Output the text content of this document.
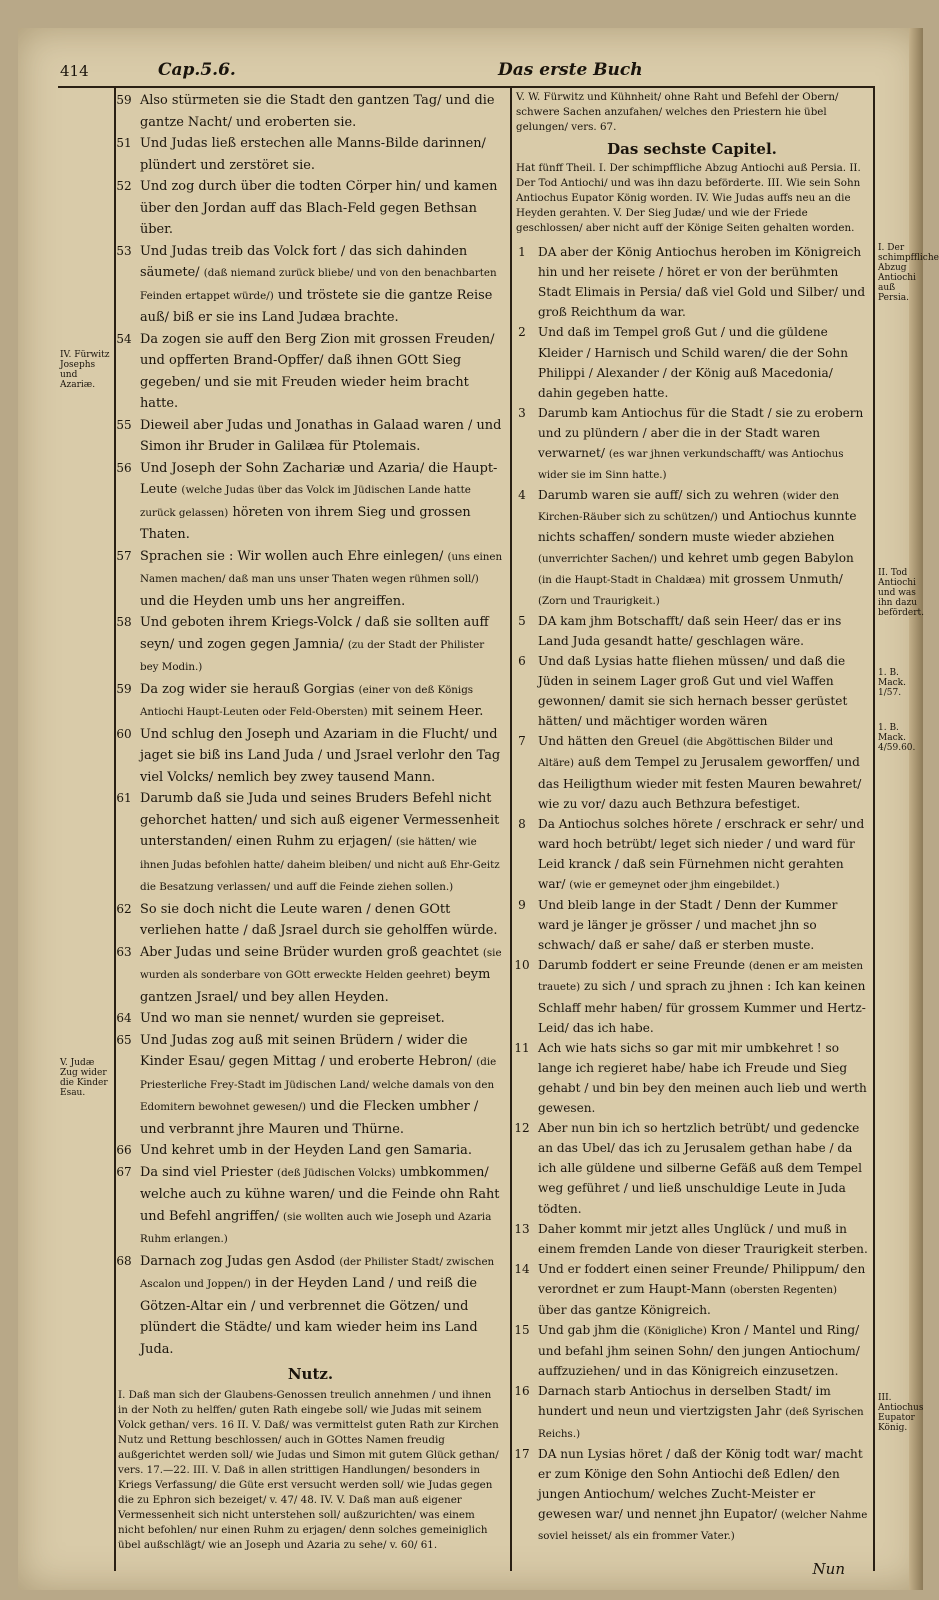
414	Cap.5.6.	Das erste Buch
IV. Fürwitz Josephs und Azariæ.
V. Judæ Zug wider die Kinder Esau.

59 Also stürmeten sie die Stadt den gantzen Tag/ und die gantze Nacht/ und eroberten sie.

51 Und Judas ließ erstechen alle Manns-Bilde darinnen/ plündert und zerstöret sie.

52 Und zog durch über die todten Cörper hin/ und kamen über den Jordan auff das Blach-Feld gegen Bethsan über.

53 Und Judas treib das Volck fort / das sich dahinden säumete/ (daß niemand zurück bliebe/ und von den benachbarten Feinden ertappet würde/) und tröstete sie die gantze Reise auß/ biß er sie ins Land Judæa brachte.

54 Da zogen sie auff den Berg Zion mit grossen Freuden/ und opfferten Brand-Opffer/ daß ihnen GOtt Sieg gegeben/ und sie mit Freuden wieder heim bracht hatte.

55 Dieweil aber Judas und Jonathas in Galaad waren / und Simon ihr Bruder in Galilæa für Ptolemais.

56 Und Joseph der Sohn Zachariæ und Azaria/ die Haupt-Leute (welche Judas über das Volck im Jüdischen Lande hatte zurück gelassen) höreten von ihrem Sieg und grossen Thaten.

57 Sprachen sie : Wir wollen auch Ehre einlegen/ (uns einen Namen machen/ daß man uns unser Thaten wegen rühmen soll/) und die Heyden umb uns her angreiffen.

58 Und geboten ihrem Kriegs-Volck / daß sie sollten auff seyn/ und zogen gegen Jamnia/ (zu der Stadt der Philister bey Modin.)

59 Da zog wider sie herauß Gorgias (einer von deß Königs Antiochi Haupt-Leuten oder Feld-Obersten) mit seinem Heer.

60 Und schlug den Joseph und Azariam in die Flucht/ und jaget sie biß ins Land Juda / und Jsrael verlohr den Tag viel Volcks/ nemlich bey zwey tausend Mann.

61 Darumb daß sie Juda und seines Bruders Befehl nicht gehorchet hatten/ und sich auß eigener Vermessenheit unterstanden/ einen Ruhm zu erjagen/ (sie hätten/ wie ihnen Judas befohlen hatte/ daheim bleiben/ und nicht auß Ehr-Geitz die Besatzung verlassen/ und auff die Feinde ziehen sollen.)

62 So sie doch nicht die Leute waren / denen GOtt verliehen hatte / daß Jsrael durch sie geholffen würde.

63 Aber Judas und seine Brüder wurden groß geachtet (sie wurden als sonderbare von GOtt erweckte Helden geehret) beym gantzen Jsrael/ und bey allen Heyden.

64 Und wo man sie nennet/ wurden sie gepreiset.

65 Und Judas zog auß mit seinen Brüdern / wider die Kinder Esau/ gegen Mittag / und eroberte Hebron/ (die Priesterliche Frey-Stadt im Jüdischen Land/ welche damals von den Edomitern bewohnet gewesen/) und die Flecken umbher / und verbrannt jhre Mauren und Thürne.

66 Und kehret umb in der Heyden Land gen Samaria.

67 Da sind viel Priester (deß Jüdischen Volcks) umbkommen/ welche auch zu kühne waren/ und die Feinde ohn Raht und Befehl angriffen/ (sie wollten auch wie Joseph und Azaria Ruhm erlangen.)

68 Darnach zog Judas gen Asdod (der Philister Stadt/ zwischen Ascalon und Joppen/) in der Heyden Land / und reiß die Götzen-Altar ein / und verbrennet die Götzen/ und plündert die Städte/ und kam wieder heim ins Land Juda.

Nutz.

I. Daß man sich der Glaubens-Genossen treulich annehmen / und ihnen in der Noth zu helffen/ guten Rath eingebe soll/ wie Judas mit seinem Volck gethan/ vers. 16 II. V. Daß/ was vermittelst guten Rath zur Kirchen Nutz und Rettung beschlossen/ auch in GOttes Namen freudig außgerichtet werden soll/ wie Judas und Simon mit gutem Glück gethan/ vers. 17.—22. III. V. Daß in allen strittigen Handlungen/ besonders in Kriegs Verfassung/ die Güte erst versucht werden soll/ wie Judas gegen die zu Ephron sich bezeiget/ v. 47/ 48. IV. V. Daß man auß eigener Vermessenheit sich nicht unterstehen soll/ außzurichten/ was einem nicht befohlen/ nur einen Ruhm zu erjagen/ denn solches gemeiniglich übel außschlägt/ wie an Joseph und Azaria zu sehe/ v. 60/ 61.

V. W. Fürwitz und Kühnheit/ ohne Raht und Befehl der Obern/ schwere Sachen anzufahen/ welches den Priestern hie übel gelungen/ vers. 67.

Das sechste Capitel.

Hat fünff Theil. I. Der schimpffliche Abzug Antiochi auß Persia. II. Der Tod Antiochi/ und was ihn dazu beförderte. III. Wie sein Sohn Antiochus Eupator König worden. IV. Wie Judas auffs neu an die Heyden gerahten. V. Der Sieg Judæ/ und wie der Friede geschlossen/ aber nicht auff der Könige Seiten gehalten worden.

1	DA aber der König Antiochus heroben im Königreich hin und her reisete / höret er von der berühmten Stadt Elimais in Persia/ daß viel Gold und Silber/ und groß Reichthum da war.

2	Und daß im Tempel groß Gut / und die güldene Kleider / Harnisch und Schild waren/ die der Sohn Philippi / Alexander / der König auß Macedonia/ dahin gegeben hatte.

3	Darumb kam Antiochus für die Stadt / sie zu erobern und zu plündern / aber die in der Stadt waren verwarnet/ (es war jhnen verkundschafft/ was Antiochus wider sie im Sinn hatte.)

4	Darumb waren sie auff/ sich zu wehren (wider den Kirchen-Räuber sich zu schützen/) und Antiochus kunnte nichts schaffen/ sondern muste wieder abziehen (unverrichter Sachen/) und kehret umb gegen Babylon (in die Haupt-Stadt in Chaldæa) mit grossem Unmuth/ (Zorn und Traurigkeit.)

5	DA kam jhm Botschafft/ daß sein Heer/ das er ins Land Juda gesandt hatte/ geschlagen wäre.

6	Und daß Lysias hatte fliehen müssen/ und daß die Jüden in seinem Lager groß Gut und viel Waffen gewonnen/ damit sie sich hernach besser gerüstet hätten/ und mächtiger worden wären

7	Und hätten den Greuel (die Abgöttischen Bilder und Altäre) auß dem Tempel zu Jerusalem geworffen/ und das Heiligthum wieder mit festen Mauren bewahret/ wie zu vor/ dazu auch Bethzura befestiget.

8	Da Antiochus solches hörete / erschrack er sehr/ und ward hoch betrübt/ leget sich nieder / und ward für Leid kranck / daß sein Fürnehmen nicht gerahten war/ (wie er gemeynet oder jhm eingebildet.)

9	Und bleib lange in der Stadt / Denn der Kummer ward je länger je grösser / und machet jhn so schwach/ daß er sahe/ daß er sterben muste.

10 Darumb foddert er seine Freunde (denen er am meisten trauete) zu sich / und sprach zu jhnen : Ich kan keinen Schlaff mehr haben/ für grossem Kummer und Hertz-Leid/ das ich habe.

11 Ach wie hats sichs so gar mit mir umbkehret ! so lange ich regieret habe/ habe ich Freude und Sieg gehabt / und bin bey den meinen auch lieb und werth gewesen.

12 Aber nun bin ich so hertzlich betrübt/ und gedencke an das Ubel/ das ich zu Jerusalem gethan habe / da ich alle güldene und silberne Gefäß auß dem Tempel weg geführet / und ließ unschuldige Leute in Juda tödten.

13 Daher kommt mir jetzt alles Unglück / und muß in einem fremden Lande von dieser Traurigkeit sterben.

14 Und er foddert einen seiner Freunde/ Philippum/ den verordnet er zum Haupt-Mann (obersten Regenten) über das gantze Königreich.

15 Und gab jhm die (Königliche) Kron / Mantel und Ring/ und befahl jhm seinen Sohn/ den jungen Antiochum/ auffzuziehen/ und in das Königreich einzusetzen.

16 Darnach starb Antiochus in derselben Stadt/ im hundert und neun und viertzigsten Jahr (deß Syrischen Reichs.)

17 DA nun Lysias höret / daß der König todt war/ macht er zum Könige den Sohn Antiochi deß Edlen/ den jungen Antiochum/ welches Zucht-Meister er gewesen war/ und nennet jhn Eupator/ (welcher Nahme soviel heisset/ als ein frommer Vater.)

I. Der schimpffliche Abzug Antiochi auß Persia.
II. Tod Antiochi und was ihn dazu befördert.
1. B. Mack. 1/57.
1. B. Mack. 4/59.60.
III. Antiochus Eupator König.
Nun
